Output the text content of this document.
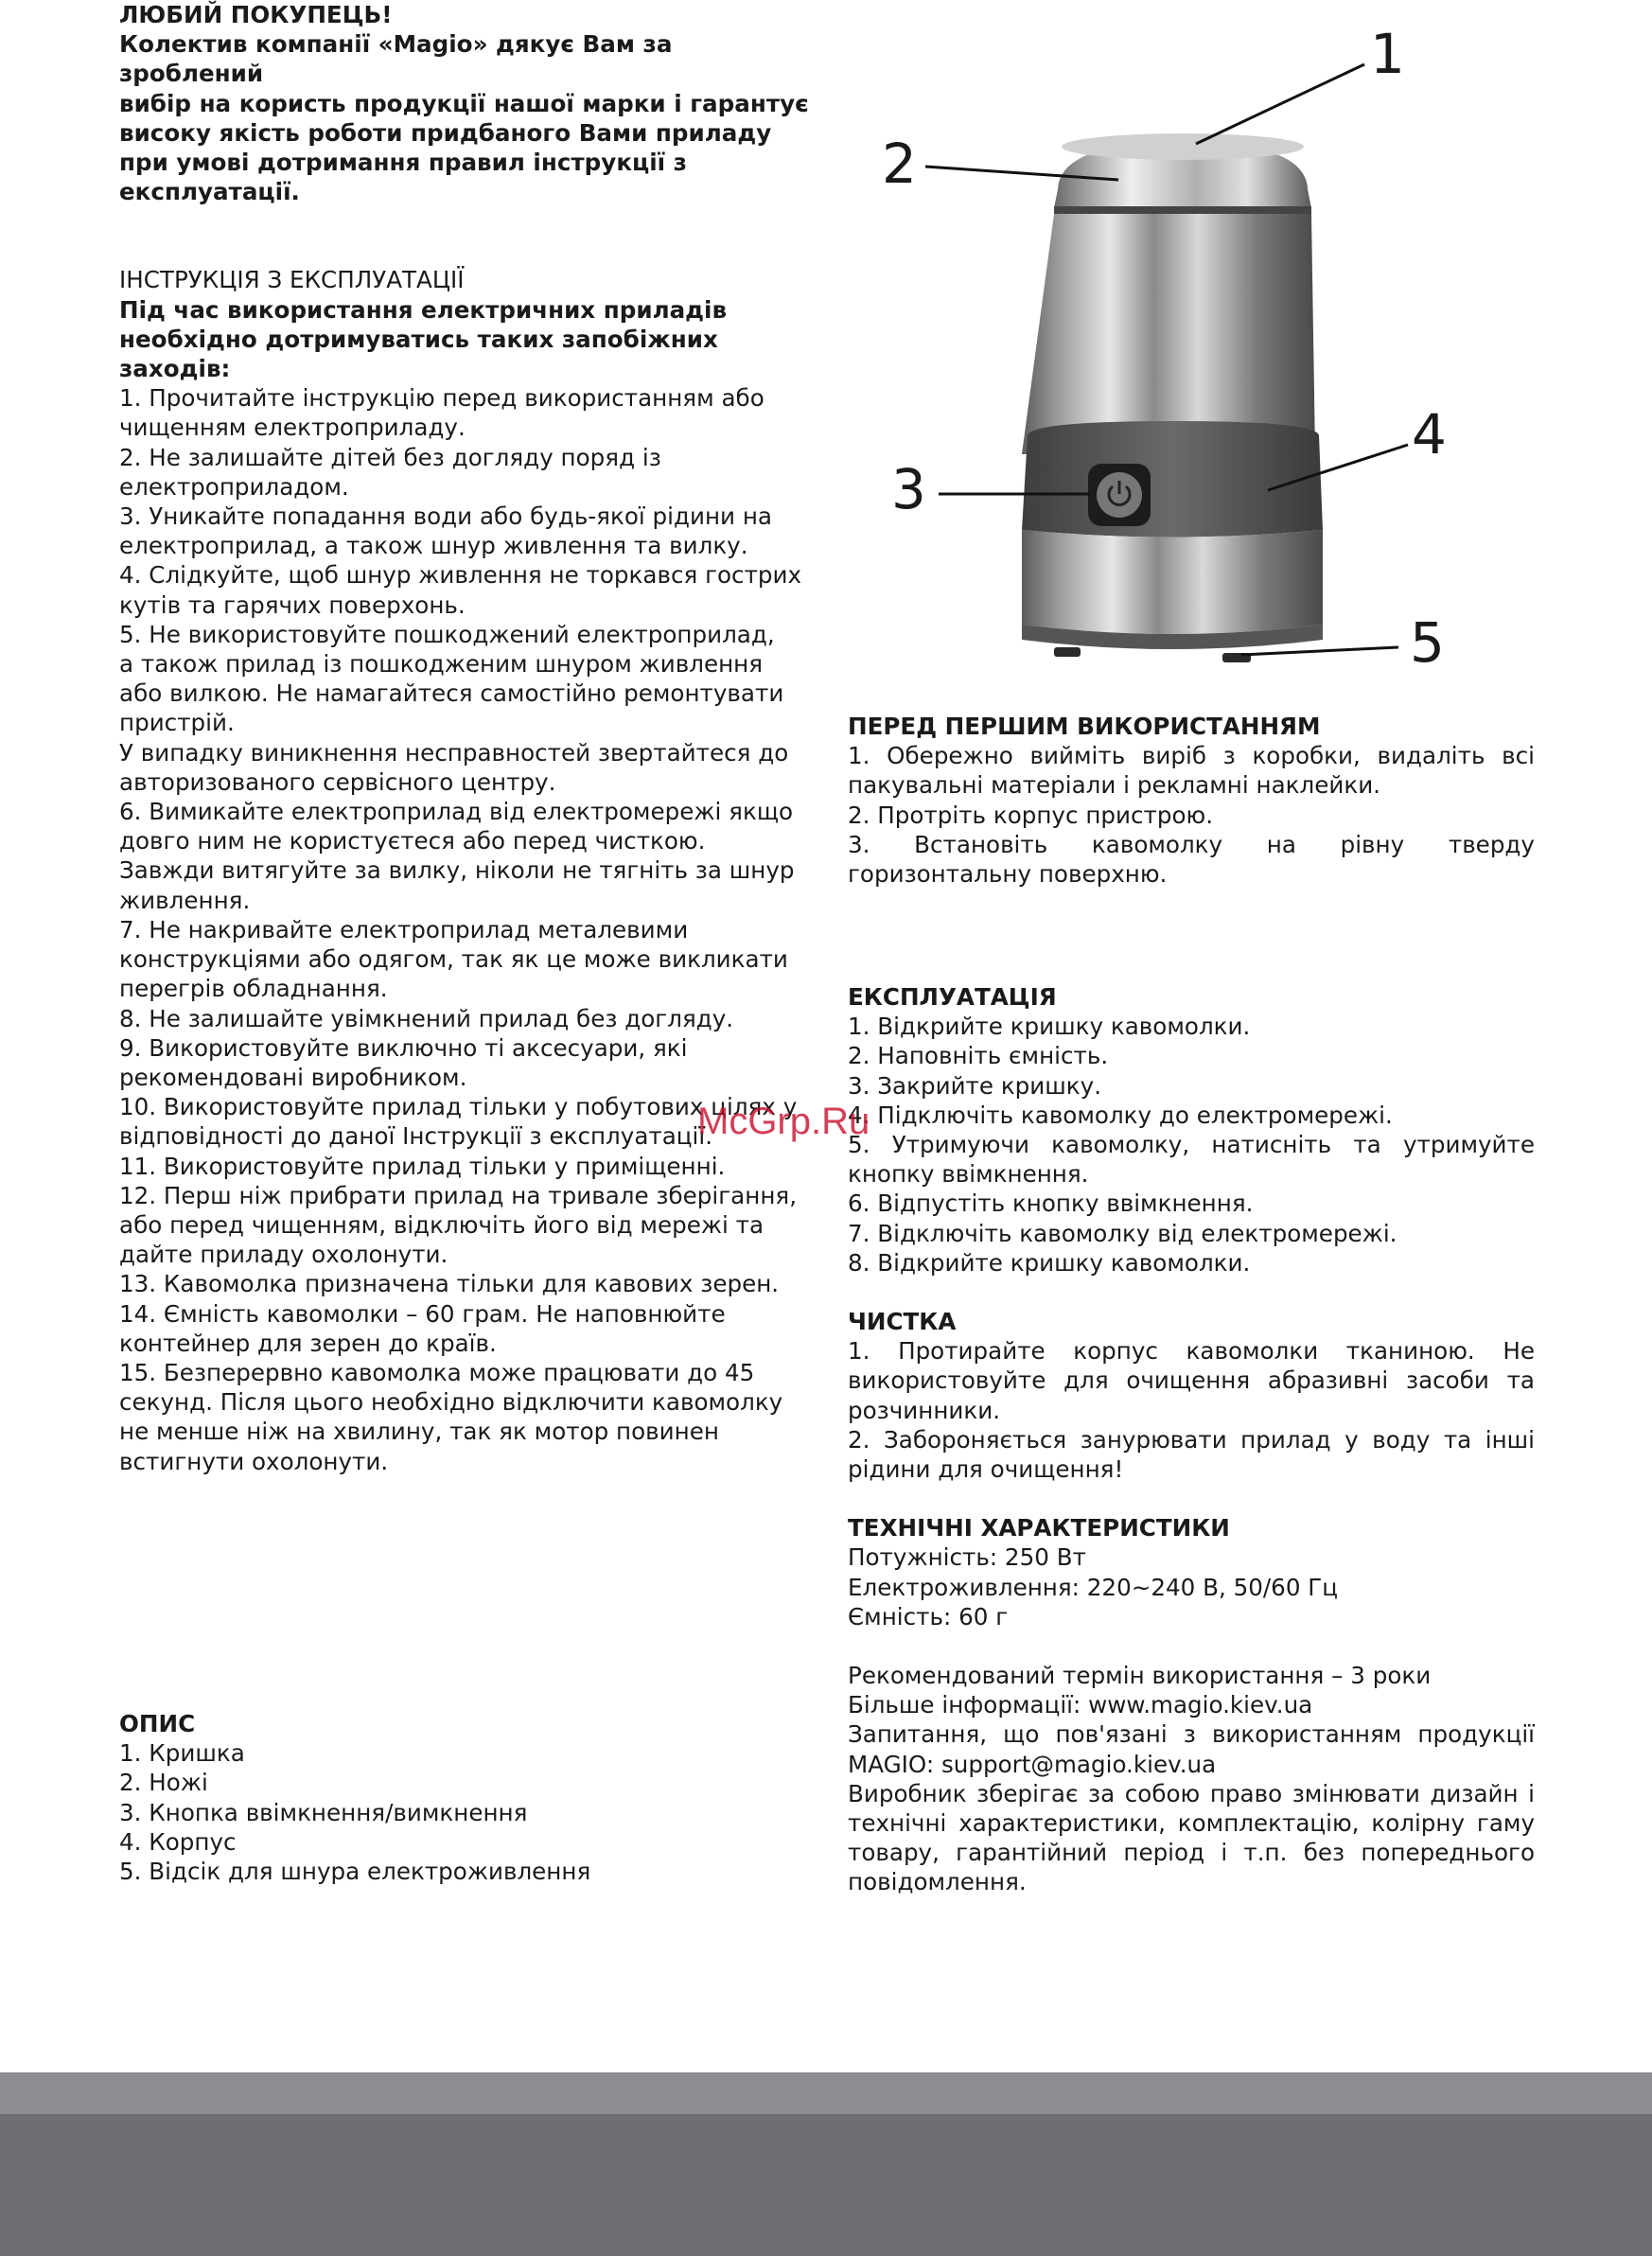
ЛЮБИЙ ПОКУПЕЦЬ!

Колектив компанії «Magio» дякує Вам за зроблений

вибір на користь продукції нашої марки і гарантує

високу якість роботи придбаного Вами приладу

при умові дотримання правил інструкції з

експлуатації.

ІНСТРУКЦІЯ З ЕКСПЛУАТАЦІЇ

Під час використання електричних приладів

необхідно дотримуватись таких запобіжних

заходів:

1. Прочитайте інструкцію перед використанням або

чищенням електроприладу.

2. Не залишайте дітей без догляду поряд із

електроприладом.

3. Уникайте попадання води або будь-якої рідини на

електроприлад, а також шнур живлення та вилку.

4. Слідкуйте, щоб шнур живлення не торкався гострих

кутів та гарячих поверхонь.

5. Не використовуйте пошкоджений електроприлад,

а також прилад із пошкодженим шнуром живлення

або вилкою. Не намагайтеся самостійно ремонтувати

пристрій.

У випадку виникнення несправностей звертайтеся до

авторизованого сервісного центру.

6. Вимикайте електроприлад від електромережі якщо

довго ним не користуєтеся або перед чисткою.

Завжди витягуйте за вилку, ніколи не тягніть за шнур

живлення.

7. Не накривайте електроприлад металевими

конструкціями або одягом, так як це може викликати

перегрів обладнання.

8. Не залишайте увімкнений прилад без догляду.

9. Використовуйте виключно ті аксесуари, які

рекомендовані виробником.

10. Використовуйте прилад тільки у побутових цілях у

відповідності до даної Інструкції з експлуатації.

11. Використовуйте прилад тільки у приміщенні.

12. Перш ніж прибрати прилад на тривале зберігання,

або перед чищенням, відключіть його від мережі та

дайте приладу охолонути.

13. Кавомолка призначена тільки для кавових зерен.

14. Ємність кавомолки – 60 грам. Не наповнюйте

контейнер для зерен до країв.

15. Безперервно кавомолка може працювати до 45

секунд. Після цього необхідно відключити кавомолку

не менше ніж на хвилину, так як мотор повинен

встигнути охолонути.

ОПИС

1. Кришка

2. Ножі

3. Кнопка ввімкнення/вимкнення

4. Корпус

5. Відсік для шнура електроживлення

1
2
3
4
5

ПЕРЕД ПЕРШИМ ВИКОРИСТАННЯМ

1. Обережно вийміть виріб з коробки, видаліть всі пакувальні матеріали і рекламні наклейки.

2. Протріть корпус пристрою.

3. Встановіть кавомолку на рівну тверду горизонтальну поверхню.

ЕКСПЛУАТАЦІЯ

1. Відкрийте кришку кавомолки.

2. Наповніть ємність.

3. Закрийте кришку.

4. Підключіть кавомолку до електромережі.

5. Утримуючи кавомолку, натисніть та утримуйте кнопку ввімкнення.

6. Відпустіть кнопку ввімкнення.

7. Відключіть кавомолку від електромережі.

8. Відкрийте кришку кавомолки.

ЧИСТКА

1. Протирайте корпус кавомолки тканиною. Не використовуйте для очищення абразивні засоби та розчинники.

2. Забороняється занурювати прилад у воду та інші рідини для очищення!

ТЕХНІЧНІ ХАРАКТЕРИСТИКИ

Потужність: 250 Вт

Електроживлення: 220~240 В, 50/60 Гц

Ємність: 60 г

Рекомендований термін використання – 3 роки

Більше інформації: www.magio.kiev.ua

Запитання, що пов'язані з використанням продукції MAGIO: support@magio.kiev.ua

Виробник зберігає за собою право змінювати дизайн і технічні характеристики, комплектацію, колірну гаму товару, гарантійний період і т.п. без попереднього повідомлення.

McGrp.Ru
